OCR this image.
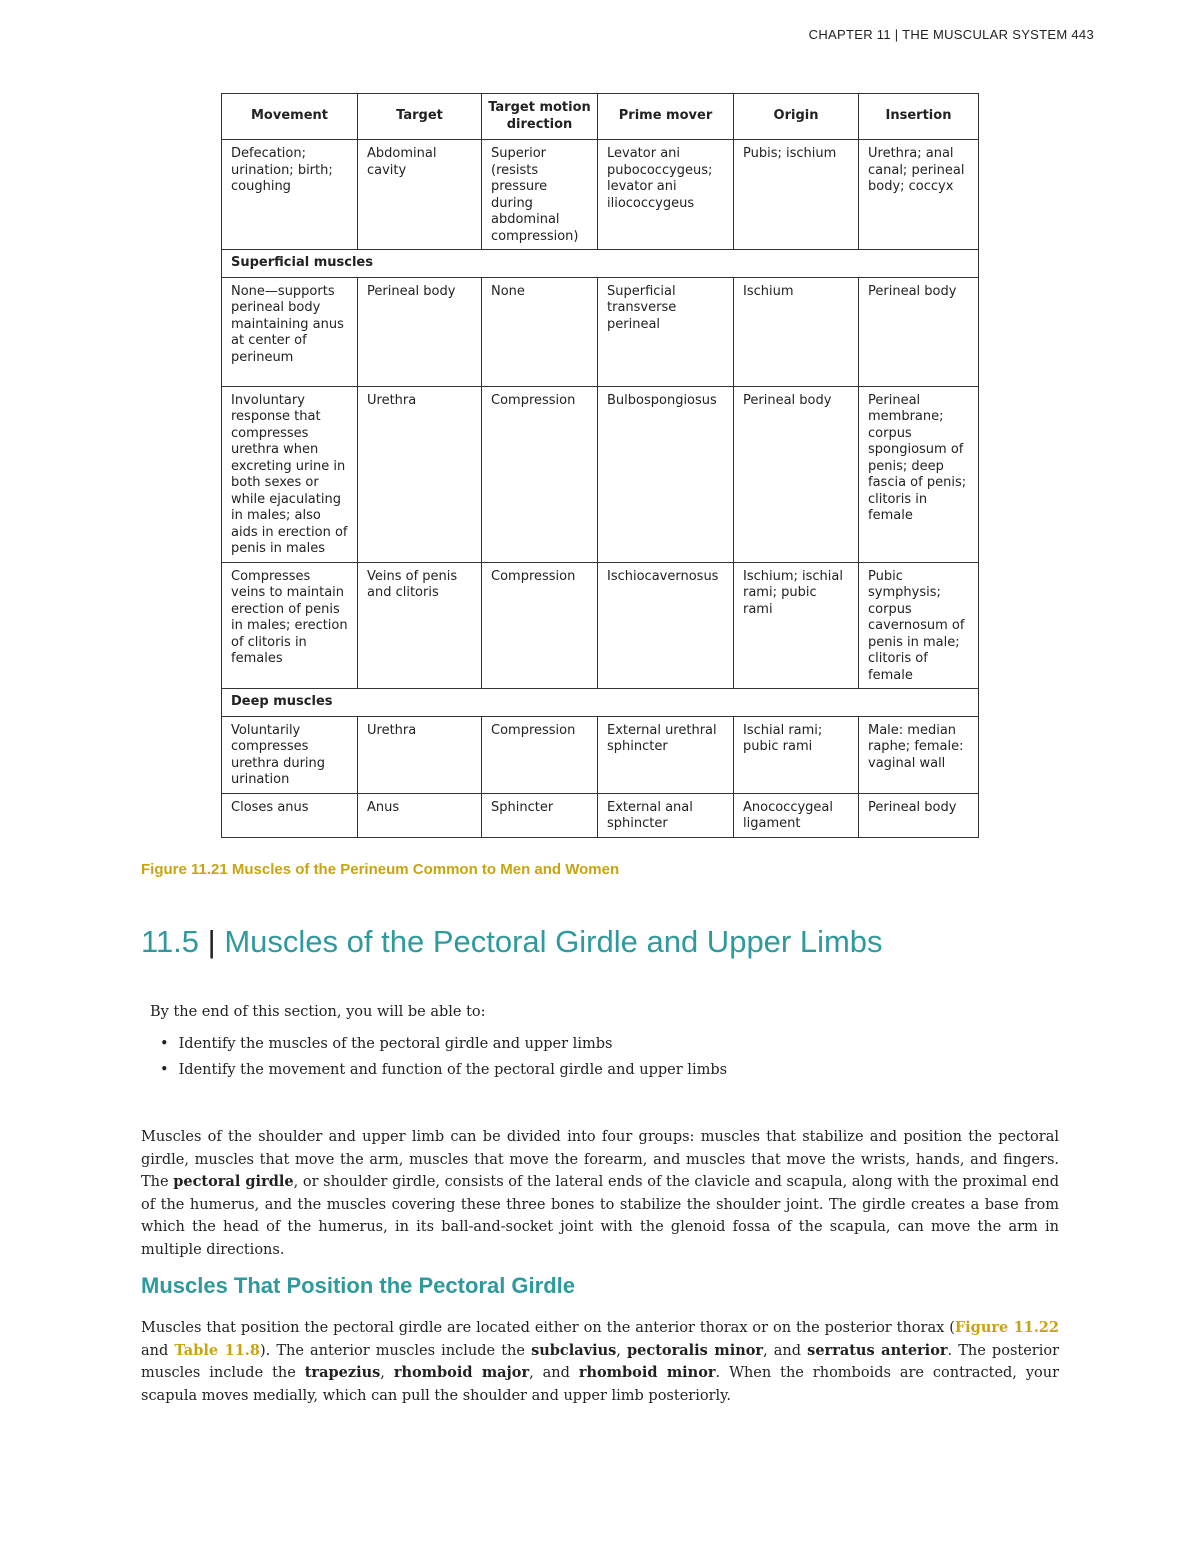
CHAPTER 11 | THE MUSCULAR SYSTEM 443
Movement	Target	Target motion direction	Prime mover	Origin	Insertion
Defecation; urination; birth; coughing	Abdominal cavity	Superior (resists pressure during abdominal compression)	Levator ani pubococcygeus; levator ani iliococcygeus	Pubis; ischium	Urethra; anal canal; perineal body; coccyx
Superficial muscles					
None—supports perineal body maintaining anus at center of perineum	Perineal body	None	Superficial transverse perineal	Ischium	Perineal body
Involuntary response that compresses urethra when excreting urine in both sexes or while ejaculating in males; also aids in erection of penis in males	Urethra	Compression	Bulbospongiosus	Perineal body	Perineal membrane; corpus spongiosum of penis; deep fascia of penis; clitoris in female
Compresses veins to maintain erection of penis in males; erection of clitoris in females	Veins of penis and clitoris	Compression	Ischiocavernosus	Ischium; ischial rami; pubic rami	Pubic symphysis; corpus cavernosum of penis in male; clitoris of female
Deep muscles					
Voluntarily compresses urethra during urination	Urethra	Compression	External urethral sphincter	Ischial rami; pubic rami	Male: median raphe; female: vaginal wall
Closes anus	Anus	Sphincter	External anal sphincter	Anococcygeal ligament	Perineal body
Figure 11.21 Muscles of the Perineum Common to Men and Women
11.5 | Muscles of the Pectoral Girdle and Upper Limbs
By the end of this section, you will be able to:
• Identify the muscles of the pectoral girdle and upper limbs
• Identify the movement and function of the pectoral girdle and upper limbs

Muscles of the shoulder and upper limb can be divided into four groups: muscles that stabilize and position the pectoral girdle, muscles that move the arm, muscles that move the forearm, and muscles that move the wrists, hands, and fingers. The pectoral girdle, or shoulder girdle, consists of the lateral ends of the clavicle and scapula, along with the proximal end of the humerus, and the muscles covering these three bones to stabilize the shoulder joint. The girdle creates a base from which the head of the humerus, in its ball-and-socket joint with the glenoid fossa of the scapula, can move the arm in multiple directions.

Muscles That Position the Pectoral Girdle

Muscles that position the pectoral girdle are located either on the anterior thorax or on the posterior thorax (Figure 11.22 and Table 11.8). The anterior muscles include the subclavius, pectoralis minor, and serratus anterior. The posterior muscles include the trapezius, rhomboid major, and rhomboid minor. When the rhomboids are contracted, your scapula moves medially, which can pull the shoulder and upper limb posteriorly.
